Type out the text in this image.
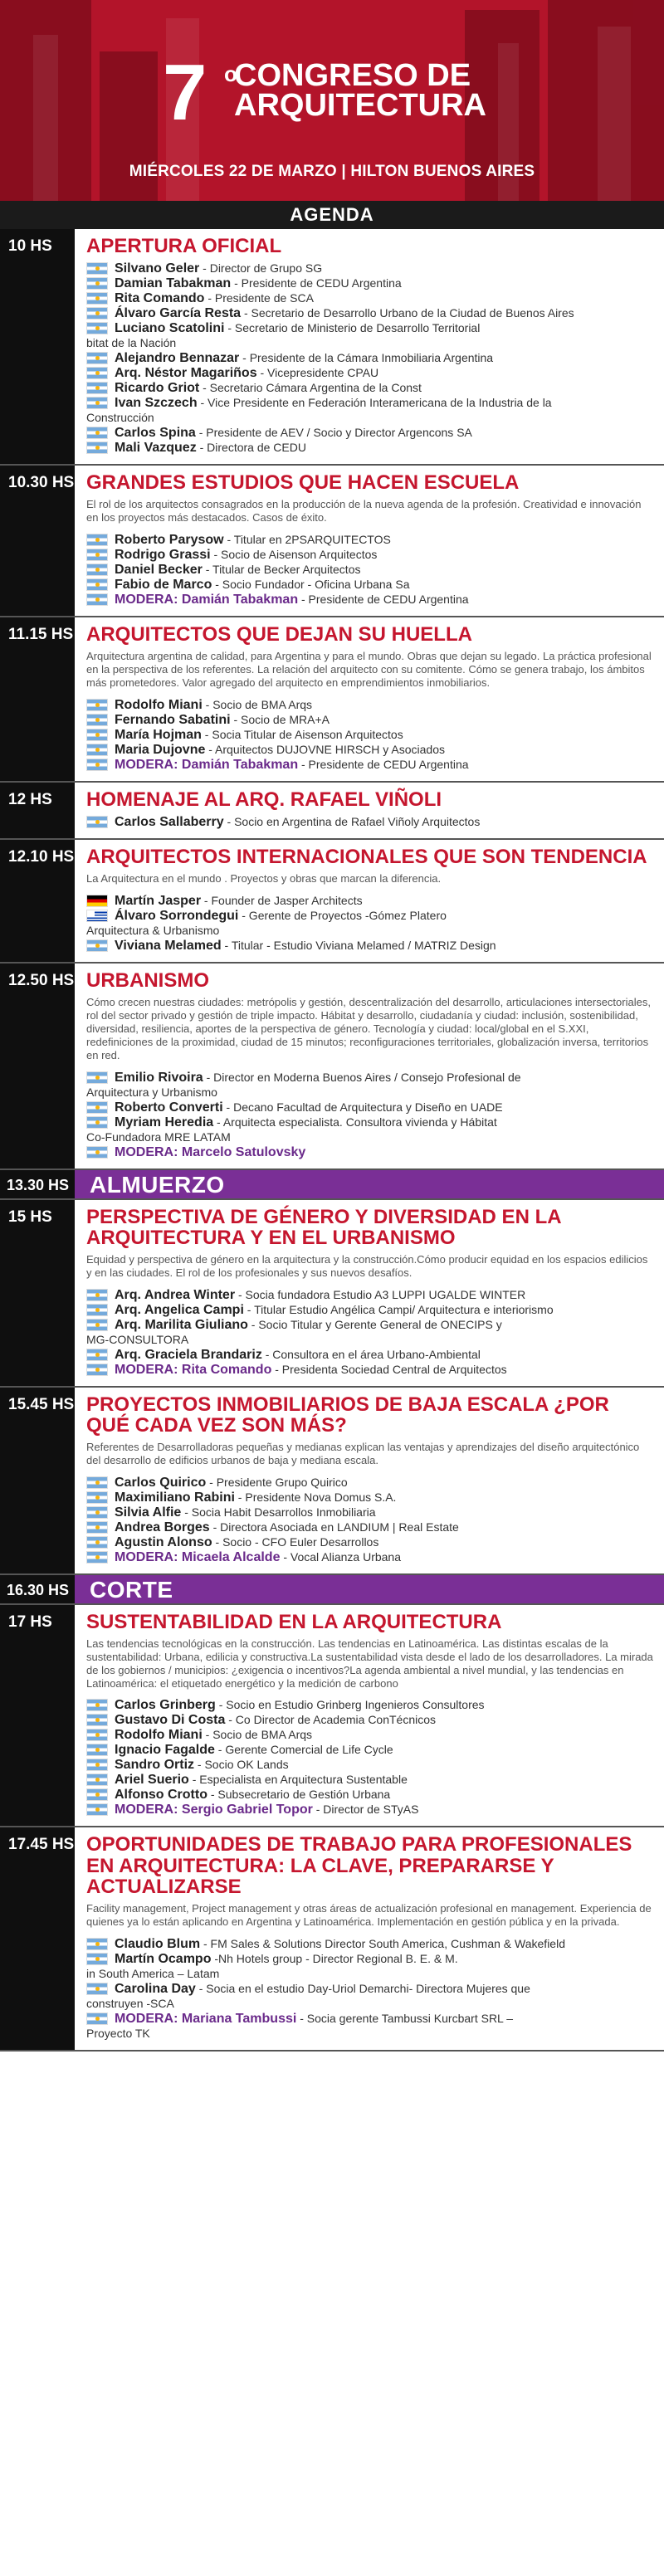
7 o
CONGRESO DE
ARQUITECTURA
MIÉRCOLES 22 DE MARZO | HILTON BUENOS AIRES
AGENDA
10 HS	APERTURA OFICIAL
Silvano Geler - Director de Grupo SG
Damian Tabakman - Presidente de CEDU Argentina
Rita Comando - Presidente de SCA
Álvaro García Resta - Secretario de Desarrollo Urbano de la Ciudad de Buenos Aires
Luciano Scatolini - Secretario de Ministerio de Desarrollo Territorial
bitat de la Nación
Alejandro Bennazar - Presidente de la Cámara Inmobiliaria Argentina
Arq. Néstor Magariños - Vicepresidente CPAU
Ricardo Griot - Secretario Cámara Argentina de la Const
Ivan Szczech - Vice Presidente en Federación Interamericana de la Industria de la
Construcción
Carlos Spina - Presidente de AEV / Socio y Director Argencons SA
Mali Vazquez - Directora de CEDU
10.30 HS GRANDES ESTUDIOS QUE HACEN ESCUELA
El rol de los arquitectos consagrados en la producción de la nueva agenda de la profesión. Creatividad e innovación en los proyectos más destacados. Casos de éxito.
Roberto Parysow - Titular en 2PSARQUITECTOS
Rodrigo Grassi - Socio de Aisenson Arquitectos
Daniel Becker - Titular de Becker Arquitectos
Fabio de Marco - Socio Fundador - Oficina Urbana Sa
MODERA: Damián Tabakman - Presidente de CEDU Argentina
11.15 HS ARQUITECTOS QUE DEJAN SU HUELLA
Arquitectura argentina de calidad, para Argentina y para el mundo. Obras que dejan su legado. La práctica profesional en la perspectiva de los referentes. La relación del arquitecto con su comitente. Cómo se genera trabajo, los ámbitos más prometedores. Valor agregado del arquitecto en emprendimientos inmobiliarios.
Rodolfo Miani - Socio de BMA Arqs
Fernando Sabatini - Socio de MRA+A
María Hojman - Socia Titular de Aisenson Arquitectos
Maria Dujovne - Arquitectos DUJOVNE HIRSCH y Asociados
MODERA: Damián Tabakman - Presidente de CEDU Argentina
12 HS	HOMENAJE AL ARQ. RAFAEL VIÑOLI
Carlos Sallaberry - Socio en Argentina de Rafael Viñoly Arquitectos
12.10 HS ARQUITECTOS INTERNACIONALES QUE SON TENDENCIA
La Arquitectura en el mundo . Proyectos y obras que marcan la diferencia.
Martín Jasper - Founder de Jasper Architects
Álvaro Sorrondegui - Gerente de Proyectos -Gómez Platero
Arquitectura & Urbanismo
Viviana Melamed - Titular - Estudio Viviana Melamed / MATRIZ Design
12.50 HS URBANISMO
Cómo crecen nuestras ciudades: metrópolis y gestión, descentralización del desarrollo, articulaciones intersectoriales, rol del sector privado y gestión de triple impacto. Hábitat y desarrollo, ciudadanía y ciudad: inclusión, sostenibilidad, diversidad, resiliencia, aportes de la perspectiva de género. Tecnología y ciudad: local/global en el S.XXI, redefiniciones de la proximidad, ciudad de 15 minutos; reconfiguraciones territoriales, globalización inversa, territorios en red.
Emilio Rivoira - Director en Moderna Buenos Aires / Consejo Profesional de
Arquitectura y Urbanismo
Roberto Converti - Decano Facultad de Arquitectura y Diseño en UADE
Myriam Heredia - Arquitecta especialista. Consultora vivienda y Hábitat
Co-Fundadora MRE LATAM
MODERA: Marcelo Satulovsky
13.30 HS ALMUERZO
15 HS	PERSPECTIVA DE GÉNERO Y DIVERSIDAD EN LA ARQUITECTURA Y EN EL URBANISMO
Equidad y perspectiva de género en la arquitectura y la construcción.Cómo producir equidad en los espacios edilicios y en las ciudades. El rol de los profesionales y sus nuevos desafíos.
Arq. Andrea Winter - Socia fundadora Estudio A3 LUPPI UGALDE WINTER
Arq. Angelica Campi - Titular Estudio Angélica Campi/ Arquitectura e interiorismo
Arq. Marilita Giuliano - Socio Titular y Gerente General de ONECIPS y
MG-CONSULTORA
Arq. Graciela Brandariz - Consultora en el área Urbano-Ambiental
MODERA: Rita Comando - Presidenta Sociedad Central de Arquitectos
15.45 HS PROYECTOS INMOBILIARIOS DE BAJA ESCALA ¿POR QUÉ CADA VEZ SON MÁS?
Referentes de Desarrolladoras pequeñas y medianas explican las ventajas y aprendizajes del diseño arquitectónico del desarrollo de edificios urbanos de baja y mediana escala.
Carlos Quirico - Presidente Grupo Quirico
Maximiliano Rabini - Presidente Nova Domus S.A.
Silvia Alfie - Socia Habit Desarrollos Inmobiliaria
Andrea Borges - Directora Asociada en LANDIUM | Real Estate
Agustin Alonso - Socio - CFO Euler Desarrollos
MODERA: Micaela Alcalde - Vocal Alianza Urbana
16.30 HS CORTE
17 HS	SUSTENTABILIDAD EN LA ARQUITECTURA
Las tendencias tecnológicas en la construcción. Las tendencias en Latinoamérica. Las distintas escalas de la sustentabilidad: Urbana, edilicia y constructiva.La sustentabilidad vista desde el lado de los desarrolladores. La mirada de los gobiernos / municipios: ¿exigencia o incentivos?La agenda ambiental a nivel mundial, y las tendencias en Latinoamérica: el etiquetado energético y la medición de carbono
Carlos Grinberg - Socio en Estudio Grinberg Ingenieros Consultores
Gustavo Di Costa - Co Director de Academia ConTécnicos
Rodolfo Miani - Socio de BMA Arqs
Ignacio Fagalde - Gerente Comercial de Life Cycle
Sandro Ortiz - Socio OK Lands
Ariel Suerio - Especialista en Arquitectura Sustentable
Alfonso Crotto - Subsecretario de Gestión Urbana
MODERA: Sergio Gabriel Topor - Director de STyAS
17.45 HS OPORTUNIDADES DE TRABAJO PARA PROFESIONALES EN ARQUITECTURA: LA CLAVE, PREPARARSE Y ACTUALIZARSE
Facility management, Project management y otras áreas de actualización profesional en management. Experiencia de quienes ya lo están aplicando en Argentina y Latinoamérica. Implementación en gestión pública y en la privada.
Claudio Blum - FM Sales & Solutions Director South America, Cushman & Wakefield
Martín Ocampo -Nh Hotels group - Director Regional B. E. & M.
in South America – Latam
Carolina Day - Socia en el estudio Day-Uriol Demarchi- Directora Mujeres que
construyen -SCA
MODERA: Mariana Tambussi - Socia gerente Tambussi Kurcbart SRL –
Proyecto TK
